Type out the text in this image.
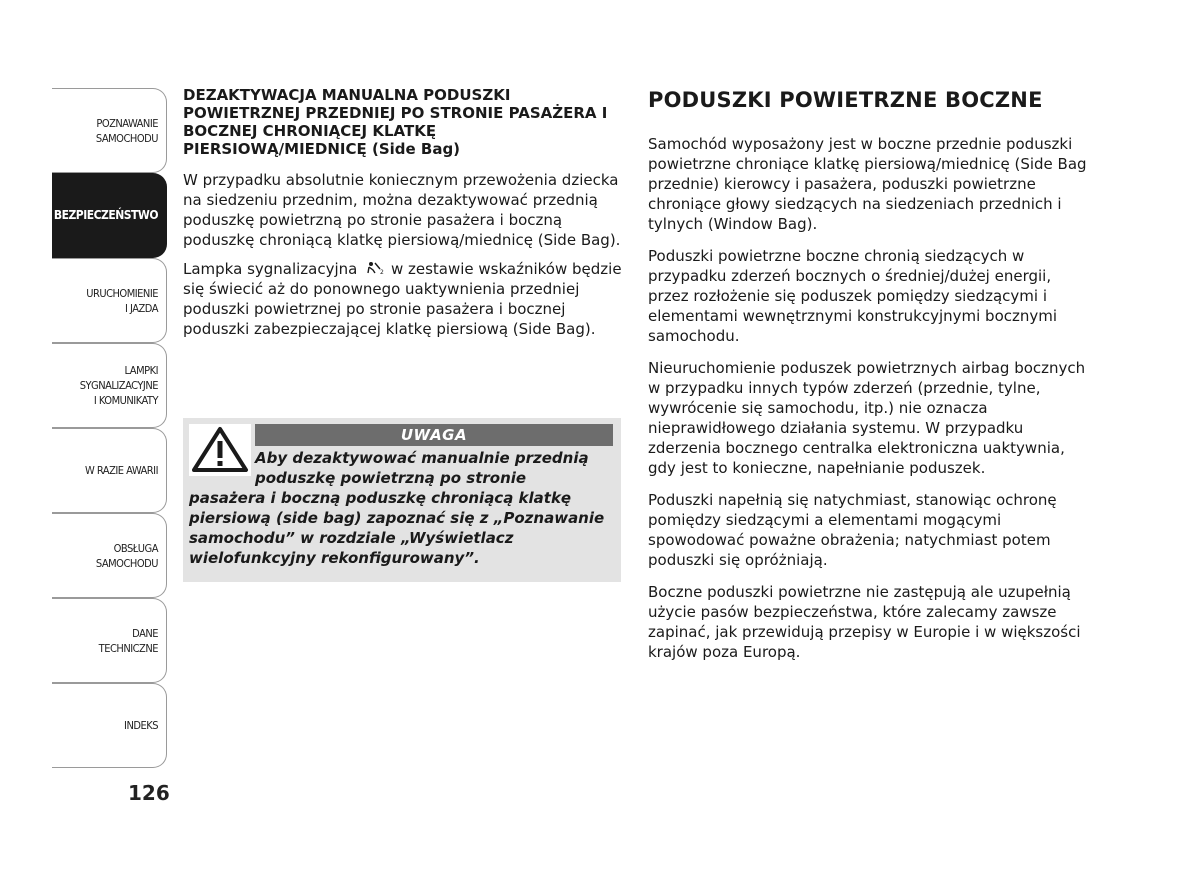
POZNAWANIE
SAMOCHODU
BEZPIECZEŃSTWO
URUCHOMIENIE
I JAZDA
LAMPKI
SYGNALIZACYJNE
I KOMUNIKATY
W RAZIE AWARII
OBSŁUGA
SAMOCHODU
DANE
TECHNICZNE
INDEKS
126
DEZAKTYWACJA MANUALNA PODUSZKI POWIETRZNEJ PRZEDNIEJ PO STRONIE PASAŻERA I BOCZNEJ CHRONIĄCEJ KLATKĘ PIERSIOWĄ/MIEDNICĘ (Side Bag)

W przypadku absolutnie koniecznym przewożenia dziecka na siedzeniu przednim, można dezaktywować przednią poduszkę powietrzną po stronie pasażera i boczną poduszkę chroniącą klatkę piersiową/miednicę (Side Bag).

Lampka sygnalizacyjna	2 w zestawie wskaźników będzie się świecić aż do ponownego uaktywnienia przedniej poduszki powietrznej po stronie pasażera i bocznej poduszki zabezpieczającej klatkę piersiową (Side Bag).

UWAGA
Aby dezaktywować manualnie przednią
poduszkę powietrzną po stronie
pasażera i boczną poduszkę chroniącą klatkę piersiową (side bag) zapoznać się z „Poznawanie samochodu” w rozdziale „Wyświetlacz wielofunkcyjny rekonfigurowany”.
PODUSZKI POWIETRZNE BOCZNE

Samochód wyposażony jest w boczne przednie poduszki powietrzne chroniące klatkę piersiową/miednicę (Side Bag przednie) kierowcy i pasażera, poduszki powietrzne chroniące głowy siedzących na siedzeniach przednich i tylnych (Window Bag).

Poduszki powietrzne boczne chronią siedzących w przypadku zderzeń bocznych o średniej/dużej energii, przez rozłożenie się poduszek pomiędzy siedzącymi i elementami wewnętrznymi konstrukcyjnymi bocznymi samochodu.

Nieuruchomienie poduszek powietrznych airbag bocznych w przypadku innych typów zderzeń (przednie, tylne, wywrócenie się samochodu, itp.) nie oznacza nieprawidłowego działania systemu. W przypadku zderzenia bocznego centralka elektroniczna uaktywnia, gdy jest to konieczne, napełnianie poduszek.

Poduszki napełnią się natychmiast, stanowiąc ochronę pomiędzy siedzącymi a elementami mogącymi spowodować poważne obrażenia; natychmiast potem poduszki się opróżniają.

Boczne poduszki powietrzne nie zastępują ale uzupełnią użycie pasów bezpieczeństwa, które zalecamy zawsze zapinać, jak przewidują przepisy w Europie i w większości krajów poza Europą.
